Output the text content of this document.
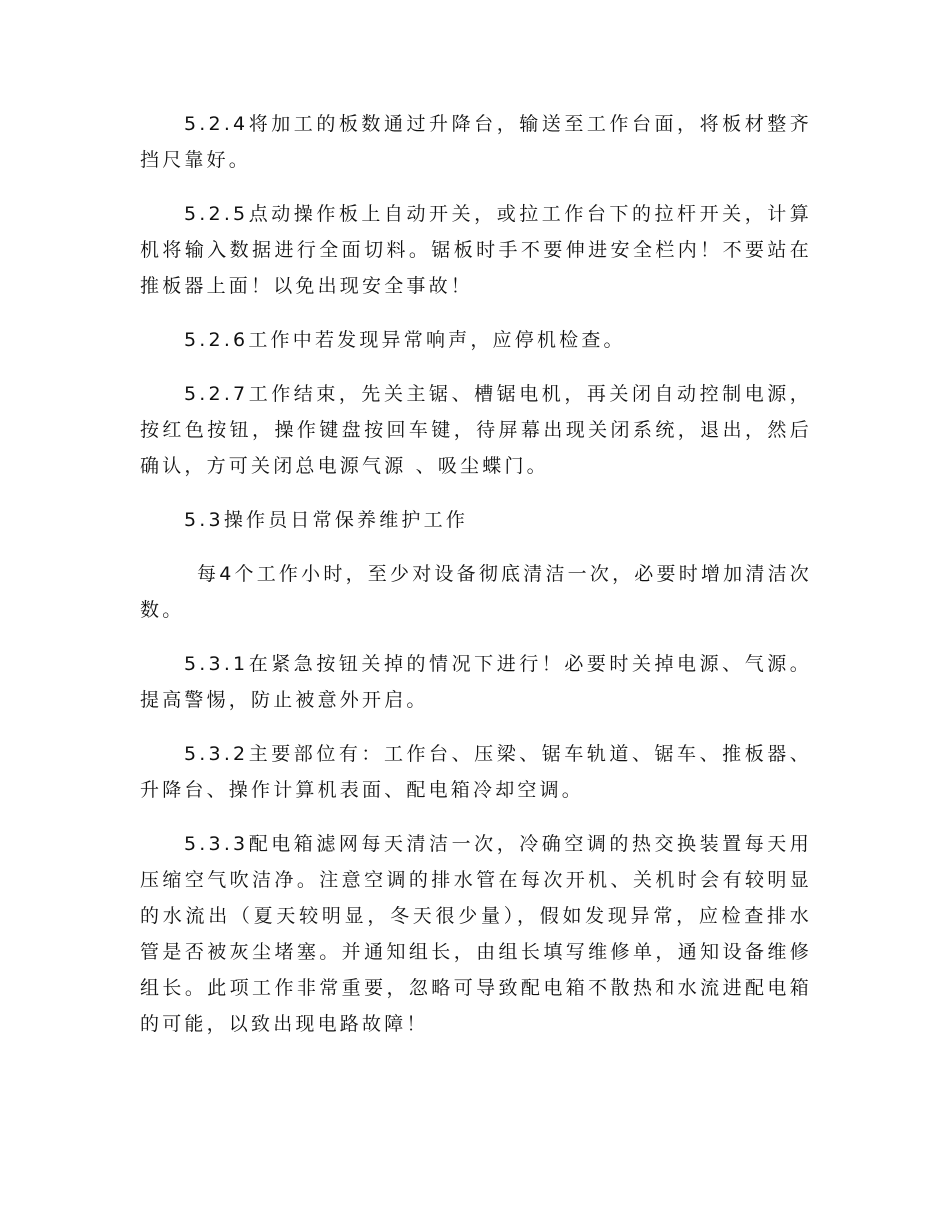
5.2.4将加工的板数通过升降台，输送至工作台面，将板材整齐挡尺靠好。

5.2.5点动操作板上自动开关，或拉工作台下的拉杆开关，计算机将输入数据进行全面切料。锯板时手不要伸进安全栏内！不要站在推板器上面！以免出现安全事故！

5.2.6工作中若发现异常响声，应停机检查。

5.2.7工作结束，先关主锯、槽锯电机，再关闭自动控制电源，按红色按钮，操作键盘按回车键，待屏幕出现关闭系统，退出，然后确认，方可关闭总电源气源 、吸尘蝶门。

5.3操作员日常保养维护工作

每4个工作小时，至少对设备彻底清洁一次，必要时增加清洁次数。

5.3.1在紧急按钮关掉的情况下进行！必要时关掉电源、气源。提高警惕，防止被意外开启。

5.3.2主要部位有：工作台、压梁、锯车轨道、锯车、推板器、升降台、操作计算机表面、配电箱冷却空调。

5.3.3配电箱滤网每天清洁一次，冷确空调的热交换装置每天用压缩空气吹洁净。注意空调的排水管在每次开机、关机时会有较明显的水流出（夏天较明显，冬天很少量），假如发现异常，应检查排水管是否被灰尘堵塞。并通知组长，由组长填写维修单，通知设备维修组长。此项工作非常重要，忽略可导致配电箱不散热和水流进配电箱的可能，以致出现电路故障！
